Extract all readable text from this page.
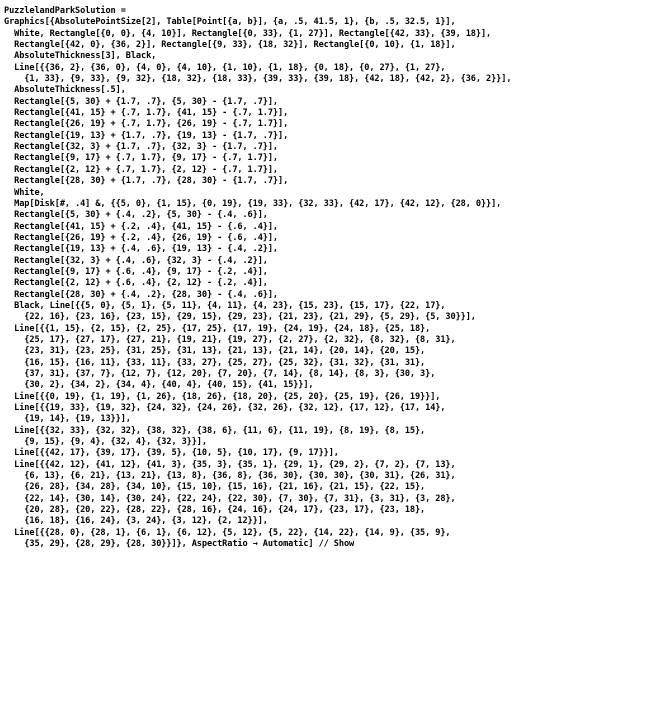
PuzzlelandParkSolution =
Graphics[{AbsolutePointSize[2], Table[Point[{a, b}], {a, .5, 41.5, 1}, {b, .5, 32.5, 1}],
White, Rectangle[{0, 0}, {4, 10}], Rectangle[{0, 33}, {1, 27}], Rectangle[{42, 33}, {39, 18}],
Rectangle[{42, 0}, {36, 2}], Rectangle[{9, 33}, {18, 32}], Rectangle[{0, 10}, {1, 18}],
AbsoluteThickness[3], Black,
Line[{{36, 2}, {36, 0}, {4, 0}, {4, 10}, {1, 10}, {1, 18}, {0, 18}, {0, 27}, {1, 27},
{1, 33}, {9, 33}, {9, 32}, {18, 32}, {18, 33}, {39, 33}, {39, 18}, {42, 18}, {42, 2}, {36, 2}}],
AbsoluteThickness[.5],
Rectangle[{5, 30} + {1.7, .7}, {5, 30} - {1.7, .7}],
Rectangle[{41, 15} + {.7, 1.7}, {41, 15} - {.7, 1.7}],
Rectangle[{26, 19} + {.7, 1.7}, {26, 19} - {.7, 1.7}],
Rectangle[{19, 13} + {1.7, .7}, {19, 13} - {1.7, .7}],
Rectangle[{32, 3} + {1.7, .7}, {32, 3} - {1.7, .7}],
Rectangle[{9, 17} + {.7, 1.7}, {9, 17} - {.7, 1.7}],
Rectangle[{2, 12} + {.7, 1.7}, {2, 12} - {.7, 1.7}],
Rectangle[{28, 30} + {1.7, .7}, {28, 30} - {1.7, .7}],
White,
Map[Disk[#, .4] &, {{5, 0}, {1, 15}, {0, 19}, {19, 33}, {32, 33}, {42, 17}, {42, 12}, {28, 0}}],
Rectangle[{5, 30} + {.4, .2}, {5, 30} - {.4, .6}],
Rectangle[{41, 15} + {.2, .4}, {41, 15} - {.6, .4}],
Rectangle[{26, 19} + {.2, .4}, {26, 19} - {.6, .4}],
Rectangle[{19, 13} + {.4, .6}, {19, 13} - {.4, .2}],
Rectangle[{32, 3} + {.4, .6}, {32, 3} - {.4, .2}],
Rectangle[{9, 17} + {.6, .4}, {9, 17} - {.2, .4}],
Rectangle[{2, 12} + {.6, .4}, {2, 12} - {.2, .4}],
Rectangle[{28, 30} + {.4, .2}, {28, 30} - {.4, .6}],
Black, Line[{{5, 0}, {5, 1}, {5, 11}, {4, 11}, {4, 23}, {15, 23}, {15, 17}, {22, 17},
{22, 16}, {23, 16}, {23, 15}, {29, 15}, {29, 23}, {21, 23}, {21, 29}, {5, 29}, {5, 30}}],
Line[{{1, 15}, {2, 15}, {2, 25}, {17, 25}, {17, 19}, {24, 19}, {24, 18}, {25, 18},
{25, 17}, {27, 17}, {27, 21}, {19, 21}, {19, 27}, {2, 27}, {2, 32}, {8, 32}, {8, 31},
{23, 31}, {23, 25}, {31, 25}, {31, 13}, {21, 13}, {21, 14}, {20, 14}, {20, 15},
{16, 15}, {16, 11}, {33, 11}, {33, 27}, {25, 27}, {25, 32}, {31, 32}, {31, 31},
{37, 31}, {37, 7}, {12, 7}, {12, 20}, {7, 20}, {7, 14}, {8, 14}, {8, 3}, {30, 3},
{30, 2}, {34, 2}, {34, 4}, {40, 4}, {40, 15}, {41, 15}}],
Line[{{0, 19}, {1, 19}, {1, 26}, {18, 26}, {18, 20}, {25, 20}, {25, 19}, {26, 19}}],
Line[{{19, 33}, {19, 32}, {24, 32}, {24, 26}, {32, 26}, {32, 12}, {17, 12}, {17, 14},
{19, 14}, {19, 13}}],
Line[{{32, 33}, {32, 32}, {38, 32}, {38, 6}, {11, 6}, {11, 19}, {8, 19}, {8, 15},
{9, 15}, {9, 4}, {32, 4}, {32, 3}}],
Line[{{42, 17}, {39, 17}, {39, 5}, {10, 5}, {10, 17}, {9, 17}}],
Line[{{42, 12}, {41, 12}, {41, 3}, {35, 3}, {35, 1}, {29, 1}, {29, 2}, {7, 2}, {7, 13},
{6, 13}, {6, 21}, {13, 21}, {13, 8}, {36, 8}, {36, 30}, {30, 30}, {30, 31}, {26, 31},
{26, 28}, {34, 28}, {34, 10}, {15, 10}, {15, 16}, {21, 16}, {21, 15}, {22, 15},
{22, 14}, {30, 14}, {30, 24}, {22, 24}, {22, 30}, {7, 30}, {7, 31}, {3, 31}, {3, 28},
{20, 28}, {20, 22}, {28, 22}, {28, 16}, {24, 16}, {24, 17}, {23, 17}, {23, 18},
{16, 18}, {16, 24}, {3, 24}, {3, 12}, {2, 12}}],
Line[{{28, 0}, {28, 1}, {6, 1}, {6, 12}, {5, 12}, {5, 22}, {14, 22}, {14, 9}, {35, 9},
{35, 29}, {28, 29}, {28, 30}}]}, AspectRatio → Automatic] // Show
